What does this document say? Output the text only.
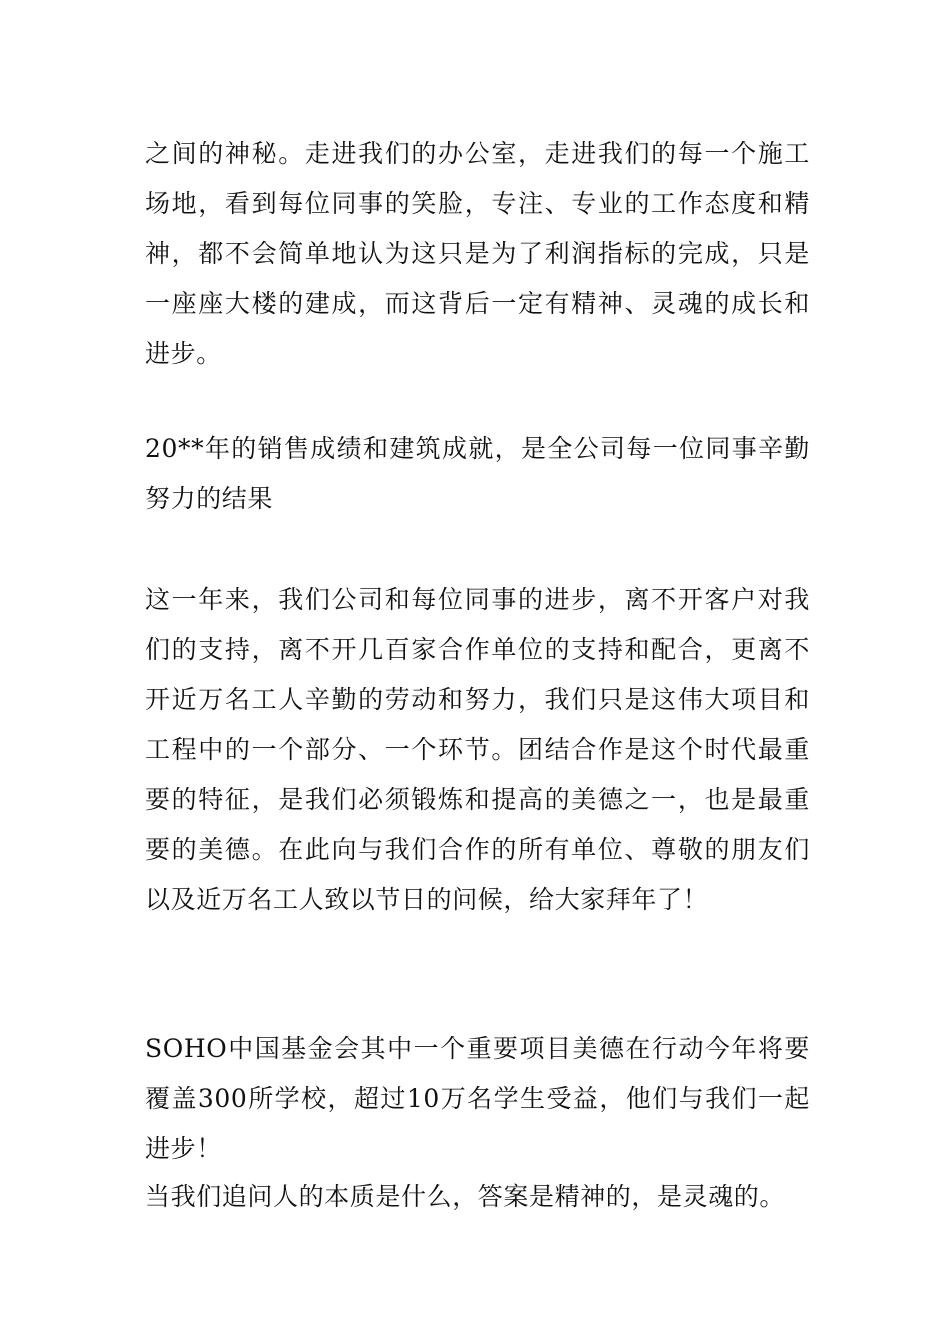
之间的神秘。走进我们的办公室，走进我们的每一个施工场地，看到每位同事的笑脸，专注、专业的工作态度和精神，都不会简单地认为这只是为了利润指标的完成，只是一座座大楼的建成，而这背后一定有精神、灵魂的成长和进步。

20**年的销售成绩和建筑成就，是全公司每一位同事辛勤努力的结果

这一年来，我们公司和每位同事的进步，离不开客户对我们的支持，离不开几百家合作单位的支持和配合，更离不开近万名工人辛勤的劳动和努力，我们只是这伟大项目和工程中的一个部分、一个环节。团结合作是这个时代最重要的特征，是我们必须锻炼和提高的美德之一，也是最重要的美德。在此向与我们合作的所有单位、尊敬的朋友们以及近万名工人致以节日的问候，给大家拜年了！

SOHO中国基金会其中一个重要项目美德在行动今年将要覆盖300所学校，超过10万名学生受益，他们与我们一起进步！

当我们追问人的本质是什么，答案是精神的，是灵魂的。
